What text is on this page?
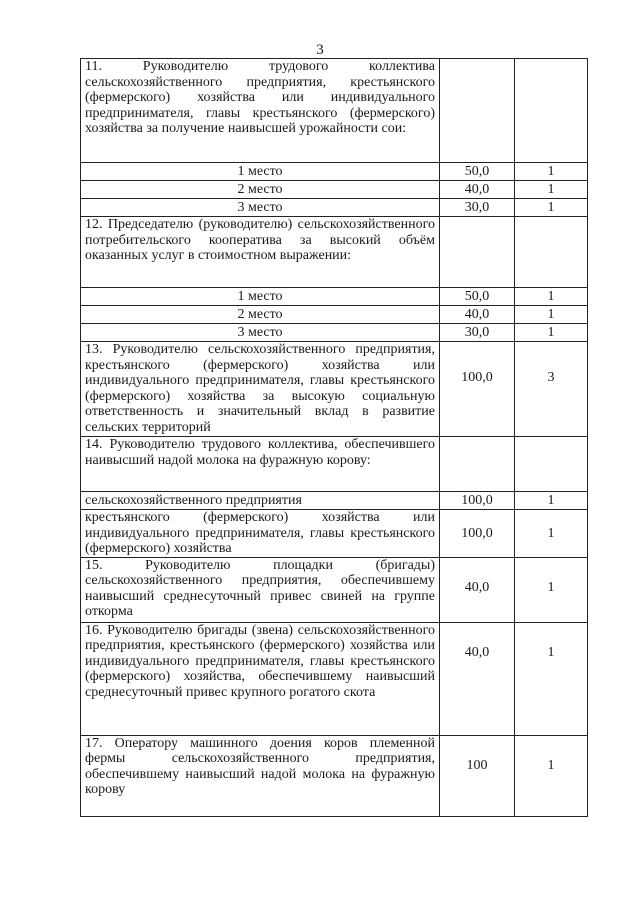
3
11. Руководителю трудового коллектива сельскохозяйственного предприятия, крестьянского (фермерского) хозяйства или индивидуального предпринимателя, главы крестьянского (фермерского) хозяйства за получение наивысшей урожайности сои:		
1 место	50,0	1
2 место	40,0	1
3 место	30,0	1
12. Председателю (руководителю) сельскохозяйственного потребительского кооператива за высокий объём оказанных услуг в стоимостном выражении:		
1 место	50,0	1
2 место	40,0	1
3 место	30,0	1
13. Руководителю сельскохозяйственного предприятия, крестьянского (фермерского) хозяйства или индивидуального предпринимателя, главы крестьянского (фермерского) хозяйства за высокую социальную ответственность и значительный вклад в развитие сельских территорий	100,0	3
14. Руководителю трудового коллектива, обеспечившего наивысший надой молока на фуражную корову:		
сельскохозяйственного предприятия	100,0	1
крестьянского (фермерского) хозяйства или индивидуального предпринимателя, главы крестьянского (фермерского) хозяйства	100,0	1
15. Руководителю площадки (бригады) сельскохозяйственного предприятия, обеспечившему наивысший среднесуточный привес свиней на группе откорма	40,0	1
16. Руководителю бригады (звена) сельскохозяйственного предприятия, крестьянского (фермерского) хозяйства или индивидуального предпринимателя, главы крестьянского (фермерского) хозяйства, обеспечившему наивысший среднесуточный привес крупного рогатого скота	40,0	1
17. Оператору машинного доения коров племенной фермы сельскохозяйственного предприятия, обеспечившему наивысший надой молока на фуражную корову	100	1
